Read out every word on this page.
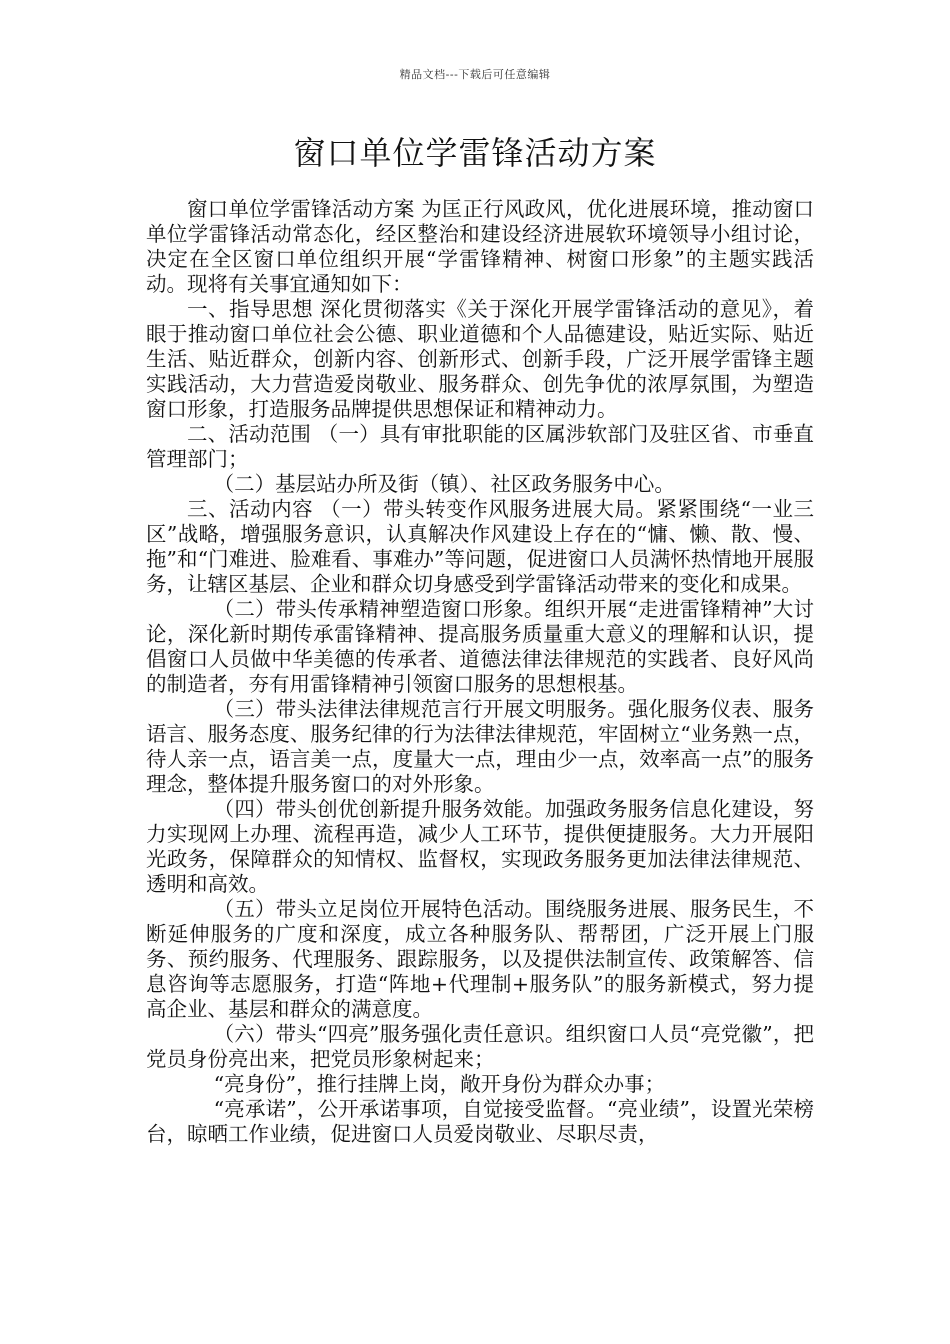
精品文档---下载后可任意编辑
窗口单位学雷锋活动方案

窗口单位学雷锋活动方案 为匡正行风政风，优化进展环境，推动窗口单位学雷锋活动常态化，经区整治和建设经济进展软环境领导小组讨论，决定在全区窗口单位组织开展“学雷锋精神、树窗口形象”的主题实践活动。现将有关事宜通知如下：

一、指导思想 深化贯彻落实《关于深化开展学雷锋活动的意见》，着眼于推动窗口单位社会公德、职业道德和个人品德建设，贴近实际、贴近生活、贴近群众，创新内容、创新形式、创新手段，广泛开展学雷锋主题实践活动，大力营造爱岗敬业、服务群众、创先争优的浓厚氛围，为塑造窗口形象，打造服务品牌提供思想保证和精神动力。

二、活动范围 （一）具有审批职能的区属涉软部门及驻区省、市垂直管理部门；

（二）基层站办所及街（镇）、社区政务服务中心。

三、活动内容 （一）带头转变作风服务进展大局。紧紧围绕“一业三区”战略，增强服务意识，认真解决作风建设上存在的“慵、懒、散、慢、拖”和“门难进、脸难看、事难办”等问题，促进窗口人员满怀热情地开展服务，让辖区基层、企业和群众切身感受到学雷锋活动带来的变化和成果。

（二）带头传承精神塑造窗口形象。组织开展“走进雷锋精神”大讨论，深化新时期传承雷锋精神、提高服务质量重大意义的理解和认识，提倡窗口人员做中华美德的传承者、道德法律法律规范的实践者、良好风尚的制造者，夯有用雷锋精神引领窗口服务的思想根基。

（三）带头法律法律规范言行开展文明服务。强化服务仪表、服务语言、服务态度、服务纪律的行为法律法律规范，牢固树立“业务熟一点，待人亲一点，语言美一点，度量大一点，理由少一点，效率高一点”的服务理念，整体提升服务窗口的对外形象。

（四）带头创优创新提升服务效能。加强政务服务信息化建设，努力实现网上办理、流程再造，减少人工环节，提供便捷服务。大力开展阳光政务，保障群众的知情权、监督权，实现政务服务更加法律法律规范、透明和高效。

（五）带头立足岗位开展特色活动。围绕服务进展、服务民生，不断延伸服务的广度和深度，成立各种服务队、帮帮团，广泛开展上门服务、预约服务、代理服务、跟踪服务，以及提供法制宣传、政策解答、信息咨询等志愿服务，打造“阵地+代理制+服务队”的服务新模式，努力提高企业、基层和群众的满意度。

（六）带头“四亮”服务强化责任意识。组织窗口人员“亮党徽”，把党员身份亮出来，把党员形象树起来；

“亮身份”，推行挂牌上岗，敞开身份为群众办事；

“亮承诺”，公开承诺事项，自觉接受监督。“亮业绩”，设置光荣榜台，晾晒工作业绩，促进窗口人员爱岗敬业、尽职尽责，
